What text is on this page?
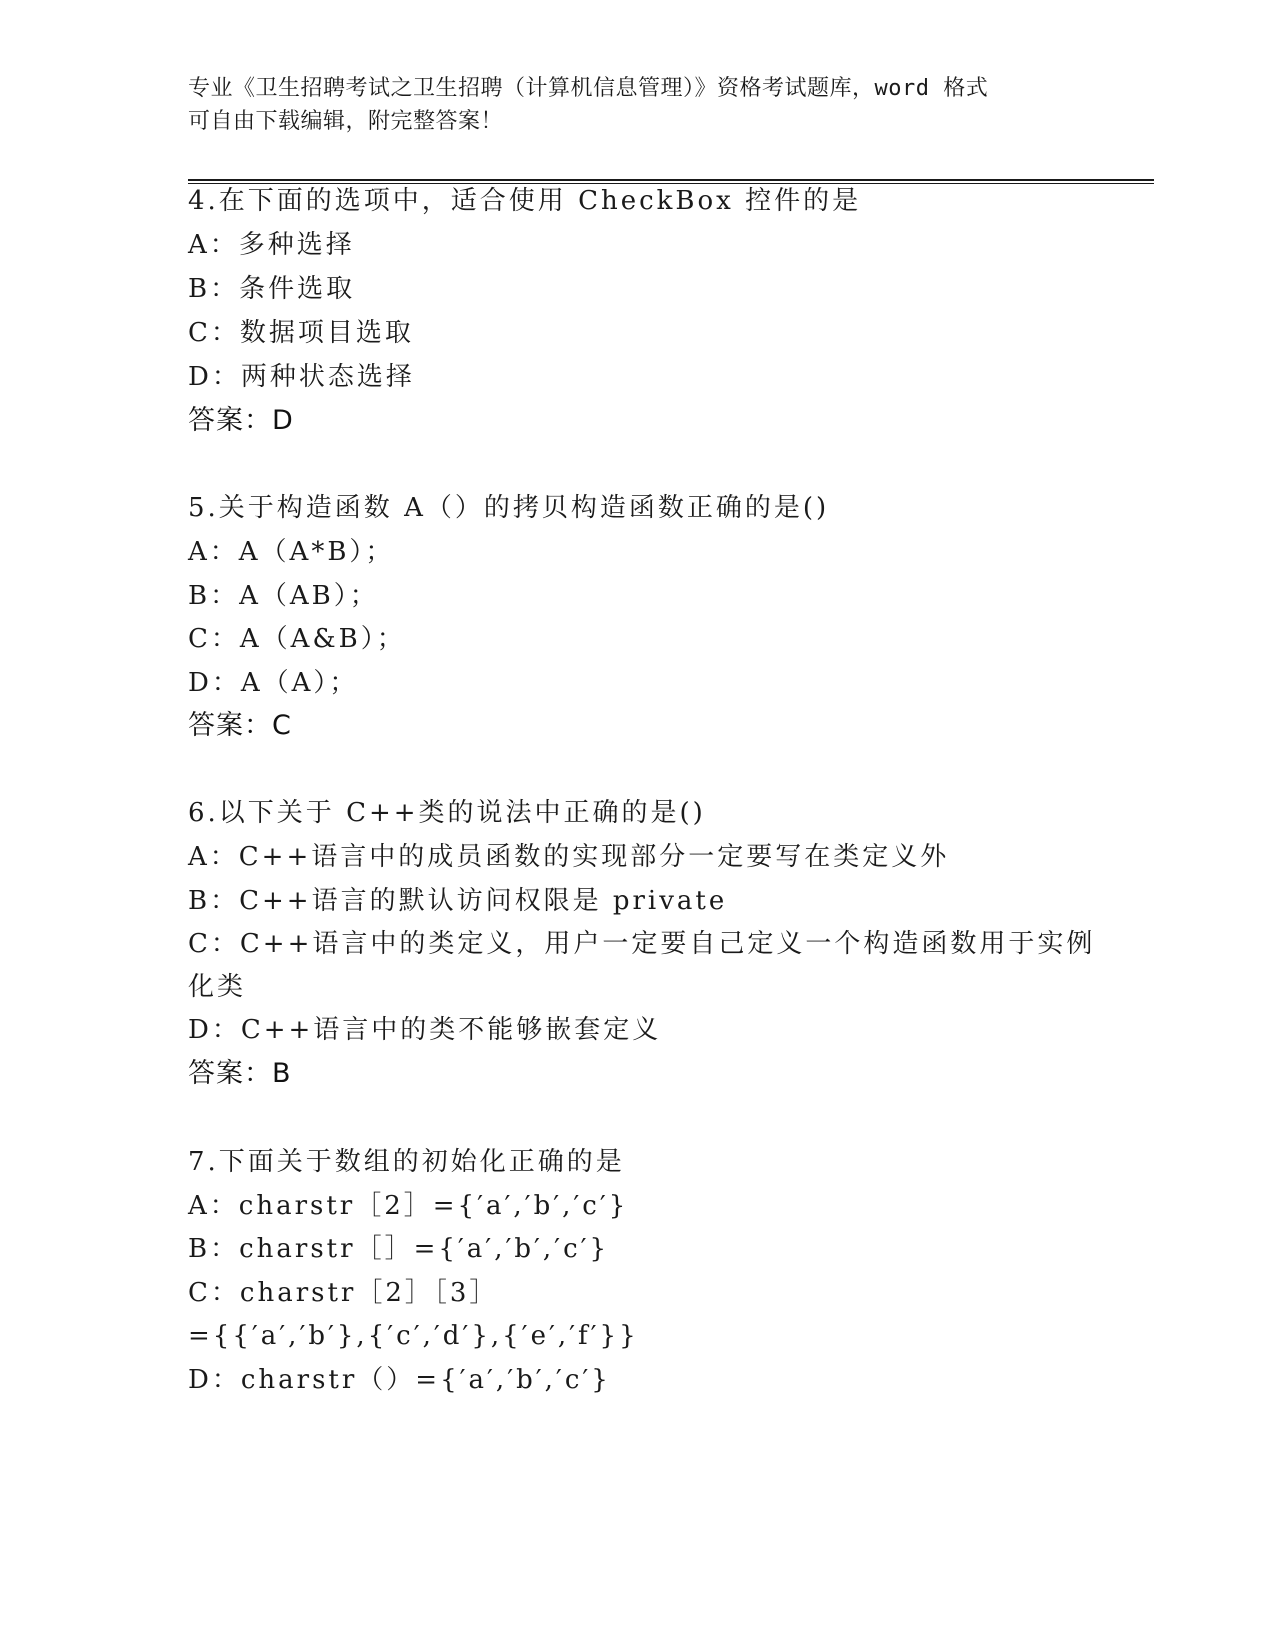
专业《卫生招聘考试之卫生招聘（计算机信息管理）》资格考试题库，word 格式
可自由下载编辑，附完整答案！
4.在下面的选项中，适合使用 CheckBox 控件的是
A：多种选择
B：条件选取
C：数据项目选取
D：两种状态选择
答案：D
5.关于构造函数 A（）的拷贝构造函数正确的是()
A：A（A*B）；
B：A（AB）；
C：A（A&B）；
D：A（A）；
答案：C
6.以下关于 C++类的说法中正确的是()
A：C++语言中的成员函数的实现部分一定要写在类定义外
B：C++语言的默认访问权限是 private
C：C++语言中的类定义，用户一定要自己定义一个构造函数用于实例
化类
D：C++语言中的类不能够嵌套定义
答案：B
7.下面关于数组的初始化正确的是
A：charstr［2］={′a′,′b′,′c′}
B：charstr［］={′a′,′b′,′c′}
C：charstr［2］［3］
={{′a′,′b′},{′c′,′d′},{′e′,′f′}}
D：charstr（）={′a′,′b′,′c′}
